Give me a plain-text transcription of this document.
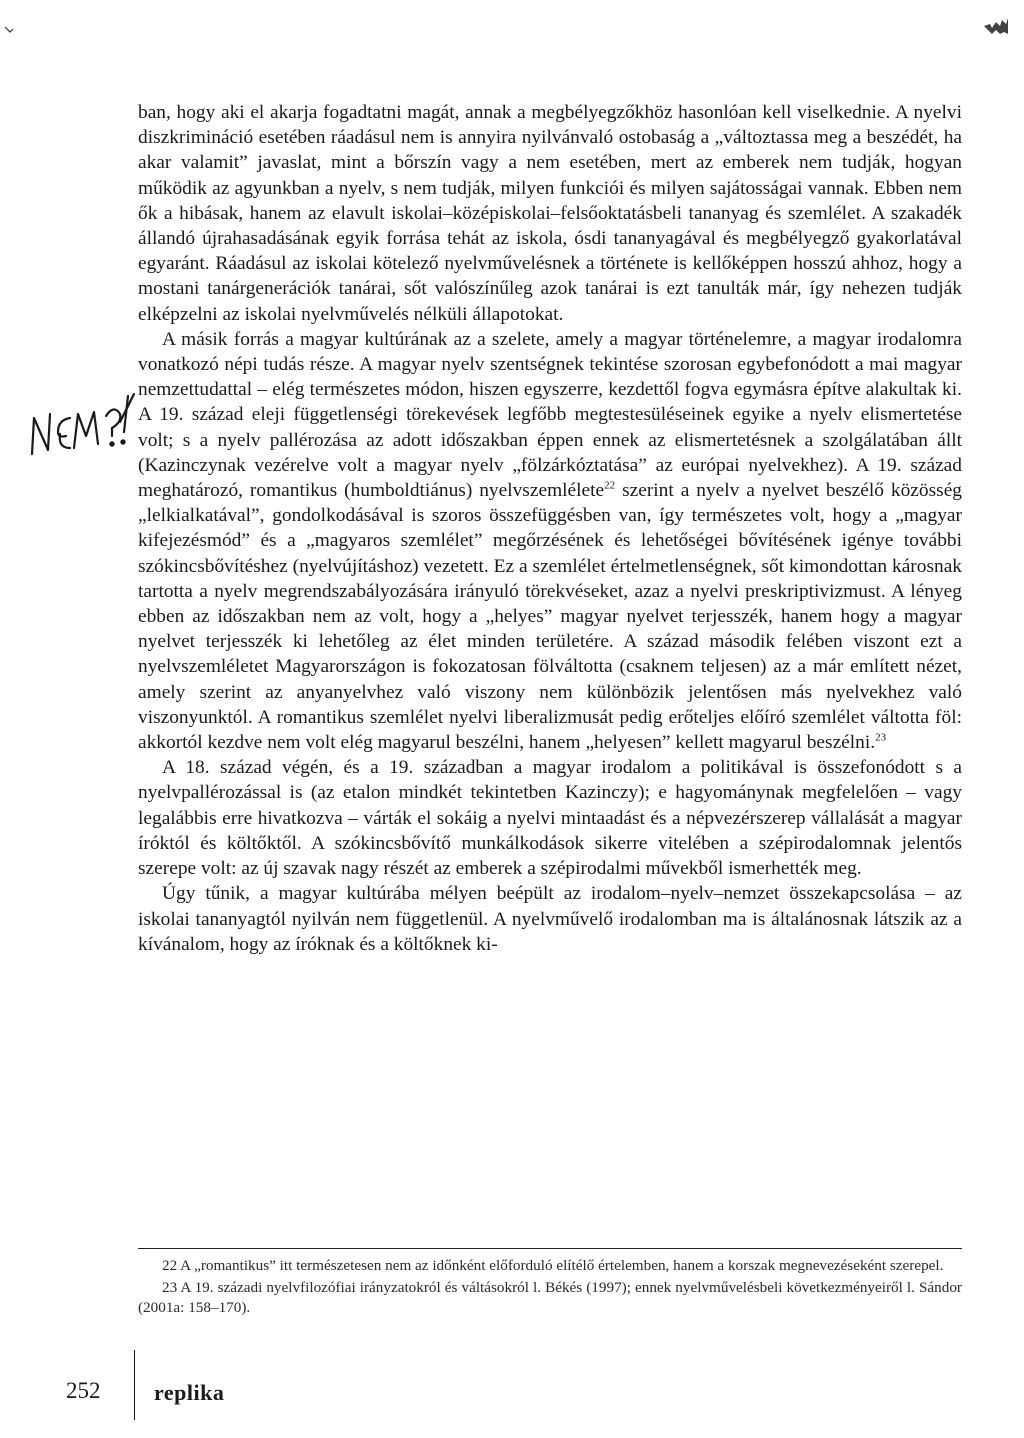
ban, hogy aki el akarja fogadtatni magát, annak a megbélyegzőkhöz hasonlóan kell viselkednie. A nyelvi diszkrimináció esetében ráadásul nem is annyira nyilvánvaló ostobaság a „változtassa meg a beszédét, ha akar valamit” javaslat, mint a bőrszín vagy a nem esetében, mert az emberek nem tudják, hogyan működik az agyunkban a nyelv, s nem tudják, milyen funkciói és milyen sajátosságai vannak. Ebben nem ők a hibásak, hanem az elavult iskolai–középiskolai–felsőoktatásbeli tananyag és szemlélet. A szakadék állandó újrahasadásának egyik forrása tehát az iskola, ósdi tananyagával és megbélyegző gyakorlatával egyaránt. Ráadásul az iskolai kötelező nyelvművelésnek a története is kellőképpen hosszú ahhoz, hogy a mostani tanárgenerációk tanárai, sőt valószínűleg azok tanárai is ezt tanulták már, így nehezen tudják elképzelni az iskolai nyelvművelés nélküli állapotokat.

A másik forrás a magyar kultúrának az a szelete, amely a magyar történelemre, a magyar irodalomra vonatkozó népi tudás része. A magyar nyelv szentségnek tekintése szorosan egybefonódott a mai magyar nemzettudattal – elég természetes módon, hiszen egyszerre, kezdettől fogva egymásra építve alakultak ki. A 19. század eleji függetlenségi törekevések legfőbb megtestesüléseinek egyike a nyelv elismertetése volt; s a nyelv pallérozása az adott időszakban éppen ennek az elismertetésnek a szolgálatában állt (Kazinczynak vezérelve volt a magyar nyelv „fölzárkóztatása” az európai nyelvekhez). A 19. század meghatározó, romantikus (humboldtiánus) nyelvszemlélete$^{22}$ szerint a nyelv a nyelvet beszélő közösség „lelkialkatával”, gondolkodásával is szoros összefüggésben van, így természetes volt, hogy a „magyar kifejezésmód” és a „magyaros szemlélet” megőrzésének és lehetőségei bővítésének igénye további szókincsbővítéshez (nyelvújításhoz) vezetett. Ez a szemlélet értelmetlenségnek, sőt kimondottan károsnak tartotta a nyelv megrendszabályozására irányuló törekvéseket, azaz a nyelvi preskriptivizmust. A lényeg ebben az időszakban nem az volt, hogy a „helyes” magyar nyelvet terjesszék, hanem hogy a magyar nyelvet terjesszék ki lehetőleg az élet minden területére. A század második felében viszont ezt a nyelvszemléletet Magyarországon is fokozatosan fölváltotta (csaknem teljesen) az a már említett nézet, amely szerint az anyanyelvhez való viszony nem különbözik jelentősen más nyelvekhez való viszonyunktól. A romantikus szemlélet nyelvi liberalizmusát pedig erőteljes előíró szemlélet váltotta föl: akkortól kezdve nem volt elég magyarul beszélni, hanem „helyesen” kellett magyarul beszélni.$^{23}$

A 18. század végén, és a 19. században a magyar irodalom a politikával is összefonódott s a nyelvpallérozással is (az etalon mindkét tekintetben Kazinczy); e hagyománynak megfelelően – vagy legalábbis erre hivatkozva – várták el sokáig a nyelvi mintaadást és a népvezérszerep vállalását a magyar íróktól és költőktől. A szókincsbővítő munkálkodások sikerre vitelében a szépirodalomnak jelentős szerepe volt: az új szavak nagy részét az emberek a szépirodalmi művekből ismerhették meg.

Úgy tűnik, a magyar kultúrába mélyen beépült az irodalom–nyelv–nemzet összekapcsolása – az iskolai tananyagtól nyilván nem függetlenül. A nyelvművelő irodalomban ma is általánosnak látszik az a kívánalom, hogy az íróknak és a költőknek ki-

22 A „romantikus” itt természetesen nem az időnként előforduló elítélő értelemben, hanem a korszak megnevezéseként szerepel.

23 A 19. századi nyelvfilozófiai irányzatokról és váltásokról l. Békés (1997); ennek nyelvművelésbeli következményeiről l. Sándor (2001a: 158–170).

252 replika
